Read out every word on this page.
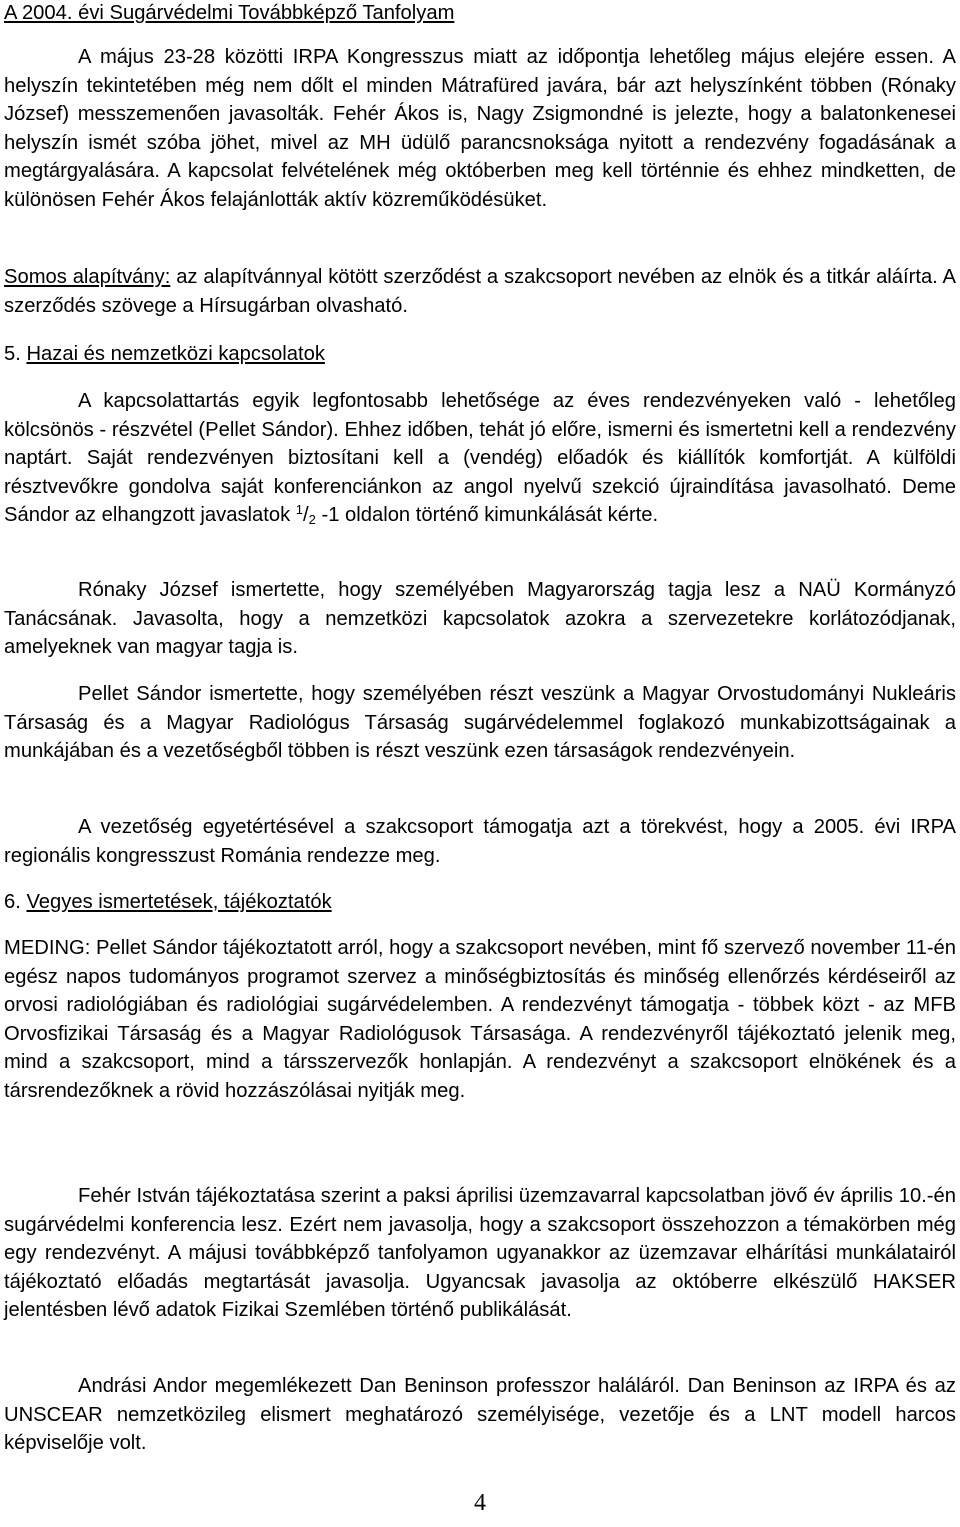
A 2004. évi Sugárvédelmi Továbbképző Tanfolyam

A május 23-28 közötti IRPA Kongresszus miatt az időpontja lehetőleg május elejére essen. A helyszín tekintetében még nem dőlt el minden Mátrafüred javára, bár azt helyszínként többen (Rónaky József) messzemenően javasolták. Fehér Ákos is, Nagy Zsigmondné is jelezte, hogy a balatonkenesei helyszín ismét szóba jöhet, mivel az MH üdülő parancsnoksága nyitott a rendezvény fogadásának a megtárgyalására. A kapcsolat felvételének még októberben meg kell történnie és ehhez mindketten, de különösen Fehér Ákos felajánlották aktív közreműködésüket.

Somos alapítvány: az alapítvánnyal kötött szerződést a szakcsoport nevében az elnök és a titkár aláírta. A szerződés szövege a Hírsugárban olvasható.

5. Hazai és nemzetközi kapcsolatok

A kapcsolattartás egyik legfontosabb lehetősége az éves rendezvényeken való - lehetőleg kölcsönös - részvétel (Pellet Sándor). Ehhez időben, tehát jó előre, ismerni és ismertetni kell a rendezvény naptárt. Saját rendezvényen biztosítani kell a (vendég) előadók és kiállítók komfortját. A külföldi résztvevőkre gondolva saját konferenciánkon az angol nyelvű szekció újraindítása javasolható. Deme Sándor az elhangzott javaslatok $^1/_2$ -1 oldalon történő kimunkálását kérte.

Rónaky József ismertette, hogy személyében Magyarország tagja lesz a NAÜ Kormányzó Tanácsának. Javasolta, hogy a nemzetközi kapcsolatok azokra a szervezetekre korlátozódjanak, amelyeknek van magyar tagja is.

Pellet Sándor ismertette, hogy személyében részt veszünk a Magyar Orvostudományi Nukleáris Társaság és a Magyar Radiológus Társaság sugárvédelemmel foglakozó munkabizottságainak a munkájában és a vezetőségből többen is részt veszünk ezen társaságok rendezvényein.

A vezetőség egyetértésével a szakcsoport támogatja azt a törekvést, hogy a 2005. évi IRPA regionális kongresszust Románia rendezze meg.

6. Vegyes ismertetések, tájékoztatók

MEDING: Pellet Sándor tájékoztatott arról, hogy a szakcsoport nevében, mint fő szervező november 11-én egész napos tudományos programot szervez a minőségbiztosítás és minőség ellenőrzés kérdéseiről az orvosi radiológiában és radiológiai sugárvédelemben. A rendezvényt támogatja - többek közt - az MFB Orvosfizikai Társaság és a Magyar Radiológusok Társasága. A rendezvényről tájékoztató jelenik meg, mind a szakcsoport, mind a társszervezők honlapján. A rendezvényt a szakcsoport elnökének és a társrendezőknek a rövid hozzászólásai nyitják meg.

Fehér István tájékoztatása szerint a paksi áprilisi üzemzavarral kapcsolatban jövő év április 10.-én sugárvédelmi konferencia lesz. Ezért nem javasolja, hogy a szakcsoport összehozzon a témakörben még egy rendezvényt. A májusi továbbképző tanfolyamon ugyanakkor az üzemzavar elhárítási munkálatairól tájékoztató előadás megtartását javasolja. Ugyancsak javasolja az októberre elkészülő HAKSER jelentésben lévő adatok Fizikai Szemlében történő publikálását.

Andrási Andor megemlékezett Dan Beninson professzor haláláról. Dan Beninson az IRPA és az UNSCEAR nemzetközileg elismert meghatározó személyisége, vezetője és a LNT modell harcos képviselője volt.

4
